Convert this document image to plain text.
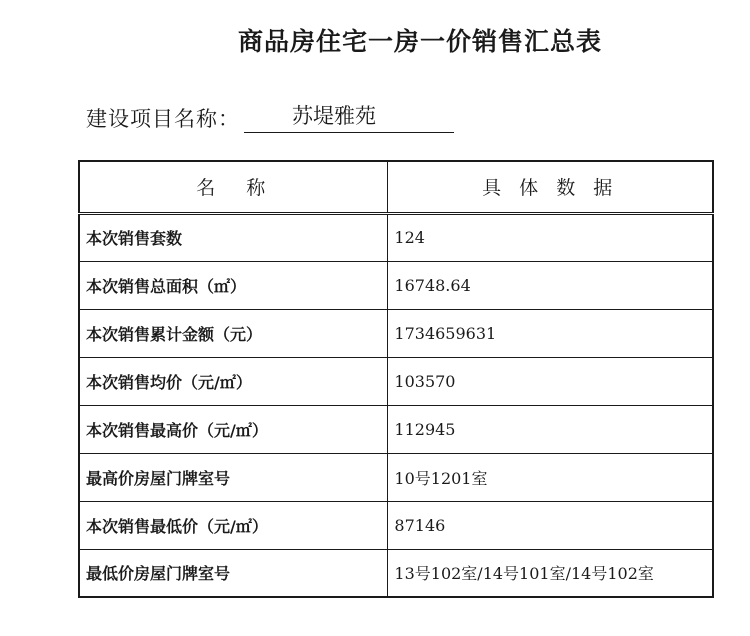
商品房住宅一房一价销售汇总表
建设项目名称：	苏堤雅苑
名　称	具 体 数 据
本次销售套数	124
本次销售总面积（㎡）	16748.64
本次销售累计金额（元）	1734659631
本次销售均价（元/㎡）	103570
本次销售最高价（元/㎡）	112945
最高价房屋门牌室号	10号1201室
本次销售最低价（元/㎡）	87146
最低价房屋门牌室号	13号102室/14号101室/14号102室
